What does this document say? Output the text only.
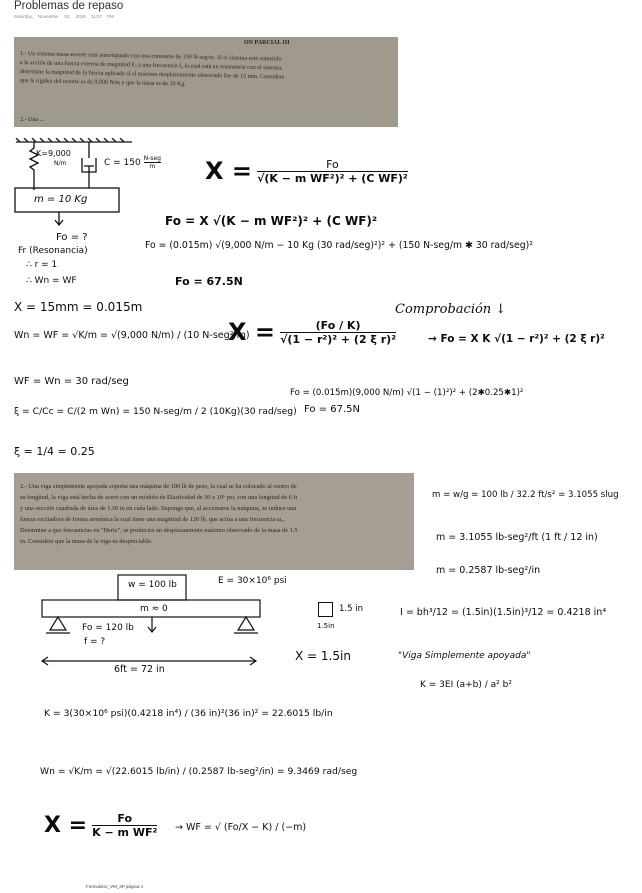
Problemas de repaso
Saturday, November 30, 2019 11:07 PM
ON PARCIAL III
1.- Un sistema masa-resorte está amortiguado con una constante de 150 N-seg/m. Si el sistema está sometido
a la acción de una fuerza externa de magnitud F₀ a una frecuencia f₀ la cual está en resonancia con el sistema,
determine la magnitud de la fuerza aplicada si el máximo desplazamiento observado fue de 15 mm. Considere
que la rigidez del resorte es de 9,000 N/m y que la masa es de 10 Kg.
2.- Una ...
K=9,000
N/m	C = 150 N-seg
m
m = 10 Kg
Fo = ?
Fr (Resonancia)
∴ r = 1
∴ Wn = WF
$X = \frac{Fo}{\text{√(K − m WF²)² + (C WF)²}}$
Fo = X √(K − m WF²)² + (C WF)²
Fo = (0.015m) √(9,000 N/m − 10 Kg (30 rad/seg)²)² + (150 N-seg/m ✱ 30 rad/seg)²
Fo = 67.5N
X = 15mm = 0.015m
Wn = WF = √K/m = √(9,000 N/m) / (10 N-seg²/m)
Comprobación ↓
$X = \frac{(Fo / K)}{\text{√(1 − r²)² + (2 ξ r)²}}$	→ Fo = X K √(1 − r²)² + (2 ξ r)²
WF = Wn = 30 rad/seg
Fo = (0.015m)(9,000 N/m) √(1 − (1)²)² + (2✱0.25✱1)²
Fo = 67.5N
ξ = C/Cc = C/(2 m Wn) = 150 N-seg/m / 2 (10Kg)(30 rad/seg)
ξ = 1/4 = 0.25
2.- Una viga simplemente apoyada soporta una máquina de 100 lb de peso, la cual se ha colocado al centro de
su longitud, la viga está hecha de acero con un módulo de Elasticidad de 30 x 10⁶ psi, con una longitud de 6 ft
y una sección cuadrada de área de 1.50 in en cada lado. Suponga que, al accionarse la máquina, se induce una
fuerza excitadora de forma armónica la cual tiene una magnitud de 120 lb, que actúa a una frecuencia ω₀.
Determine a que frecuencias en "Hertz", se producirá un desplazamiento máximo observado de la masa de 1.5
in. Considere que la masa de la viga es despreciable.
m = w/g = 100 lb / 32.2 ft/s² = 3.1055 slug
m = 3.1055 lb-seg²/ft (1 ft / 12 in)
m = 0.2587 lb-seg²/in
w = 100 lb	E = 30×10⁶ psi
m ≈ 0
Fo = 120 lb
f = ?
6ft = 72 in
1.5 in
1.5in
I = bh³/12 = (1.5in)(1.5in)³/12 = 0.4218 in⁴
X = 1.5in	"Viga Simplemente apoyada"
K = 3EI (a+b) / a² b²
K = 3(30×10⁶ psi)(0.4218 in⁴) / (36 in)²(36 in)² = 22.6015 lb/in
Wn = √K/m = √(22.6015 lb/in) / (0.2587 lb-seg²/in) = 9.3469 rad/seg
$X = \frac{Fo}{\text{K − m WF²}}$ → WF = √ (Fo/X − K) / (−m)
Formulario_VM_3P página 1
